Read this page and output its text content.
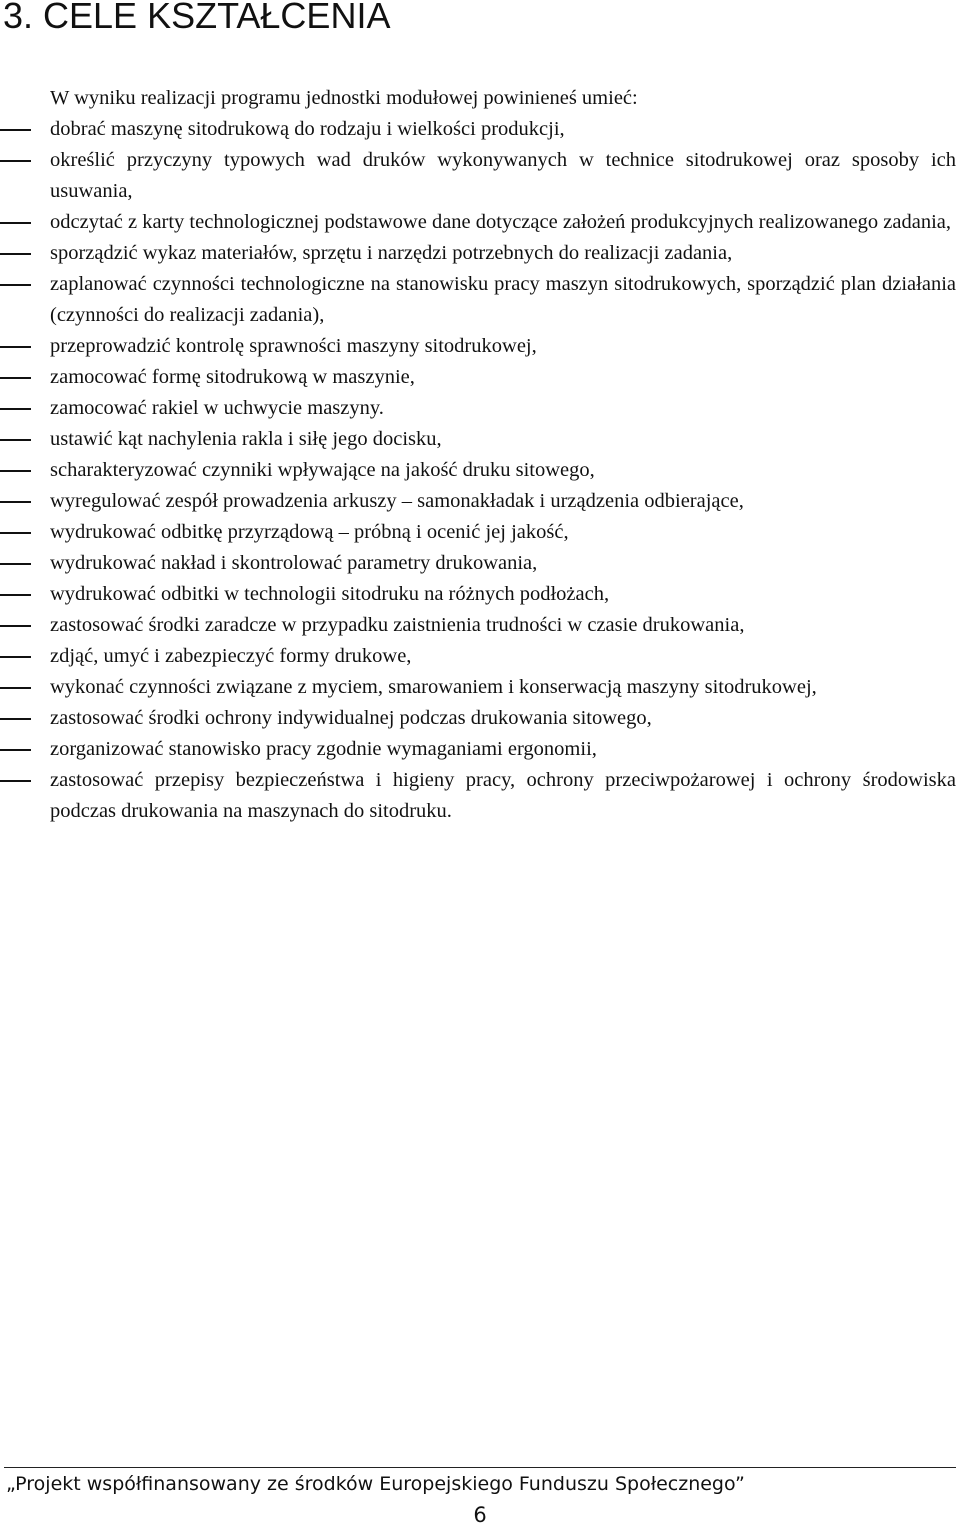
3. CELE KSZTAŁCENIA
W wyniku realizacji programu jednostki modułowej powinieneś umieć:
dobrać maszynę sitodrukową do rodzaju i wielkości produkcji,
określić przyczyny typowych wad druków wykonywanych w technice sitodrukowej oraz sposoby ich usuwania,
odczytać z karty technologicznej podstawowe dane dotyczące założeń produkcyjnych realizowanego zadania,
sporządzić wykaz materiałów, sprzętu i narzędzi potrzebnych do realizacji zadania,
zaplanować czynności technologiczne na stanowisku pracy maszyn sitodrukowych, sporządzić plan działania (czynności do realizacji zadania),
przeprowadzić kontrolę sprawności maszyny sitodrukowej,
zamocować formę sitodrukową w maszynie,
zamocować rakiel w uchwycie maszyny.
ustawić kąt nachylenia rakla i siłę jego docisku,
scharakteryzować czynniki wpływające na jakość druku sitowego,
wyregulować zespół prowadzenia arkuszy – samonakładak i urządzenia odbierające,
wydrukować odbitkę przyrządową – próbną i ocenić jej jakość,
wydrukować nakład i skontrolować parametry drukowania,
wydrukować odbitki w technologii sitodruku na różnych podłożach,
zastosować środki zaradcze w przypadku zaistnienia trudności w czasie drukowania,
zdjąć, umyć i zabezpieczyć formy drukowe,
wykonać czynności związane z myciem, smarowaniem i konserwacją maszyny sitodrukowej,
zastosować środki ochrony indywidualnej podczas drukowania sitowego,
zorganizować stanowisko pracy zgodnie wymaganiami ergonomii,
zastosować przepisy bezpieczeństwa i higieny pracy, ochrony przeciwpożarowej i ochrony środowiska podczas drukowania na maszynach do sitodruku.
„Projekt współfinansowany ze środków Europejskiego Funduszu Społecznego”
6
